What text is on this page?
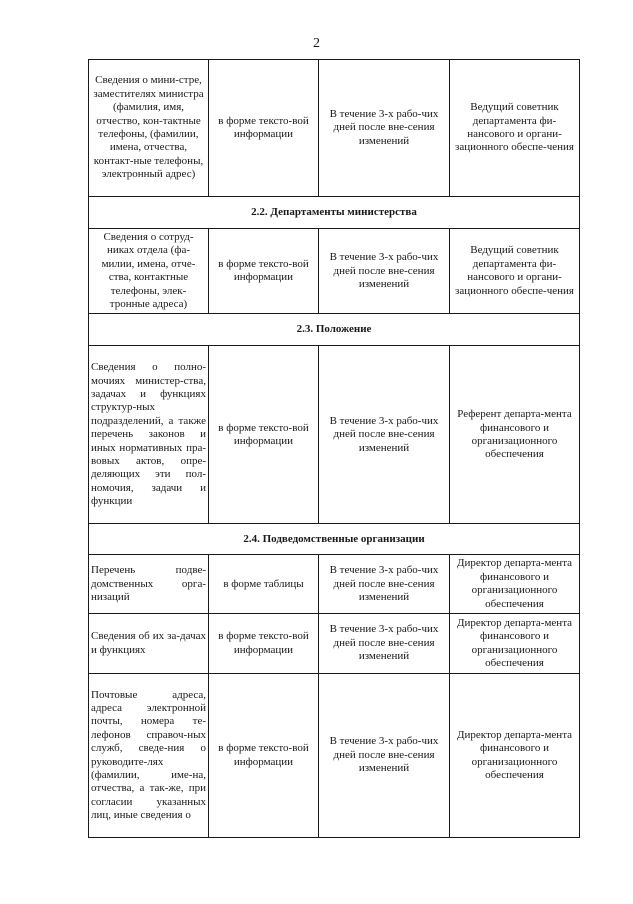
2
Сведения о мини-стре, заместителях министра (фамилия, имя, отчество, кон-тактные телефоны, (фамилии, имена, отчества, контакт-ные телефоны, электронный адрес)	в форме тексто-вой информации	В течение 3-х рабо-чих дней после вне-сения изменений	Ведущий советник департамента фи-нансового и органи-зационного обеспе-чения
2.2. Департаменты министерства			
Сведения о сотруд-никах отдела (фа-милии, имена, отче-ства, контактные телефоны, элек-тронные адреса)	в форме тексто-вой информации	В течение 3-х рабо-чих дней после вне-сения изменений	Ведущий советник департамента фи-нансового и органи-зационного обеспе-чения
2.3. Положение			
Сведения о полно-мочиях министер-ства, задачах и функциях структур-ных подразделений, а также перечень законов и иных нормативных пра-вовых актов, опре-деляющих эти пол-номочия, задачи и функции	в форме тексто-вой информации	В течение 3-х рабо-чих дней после вне-сения изменений	Референт департа-мента финансового и организационного обеспечения
2.4. Подведомственные организации			
Перечень подве-домственных орга-низаций	в форме таблицы	В течение 3-х рабо-чих дней после вне-сения изменений	Директор департа-мента финансового и организационного обеспечения
Сведения об их за-дачах и функциях	в форме тексто-вой информации	В течение 3-х рабо-чих дней после вне-сения изменений	Директор департа-мента финансового и организационного обеспечения
Почтовые адреса, адреса электронной почты, номера те-лефонов справоч-ных служб, сведе-ния о руководите-лях (фамилии, име-на, отчества, а так-же, при согласии указанных лиц, иные сведения о	в форме тексто-вой информации	В течение 3-х рабо-чих дней после вне-сения изменений	Директор департа-мента финансового и организационного обеспечения
